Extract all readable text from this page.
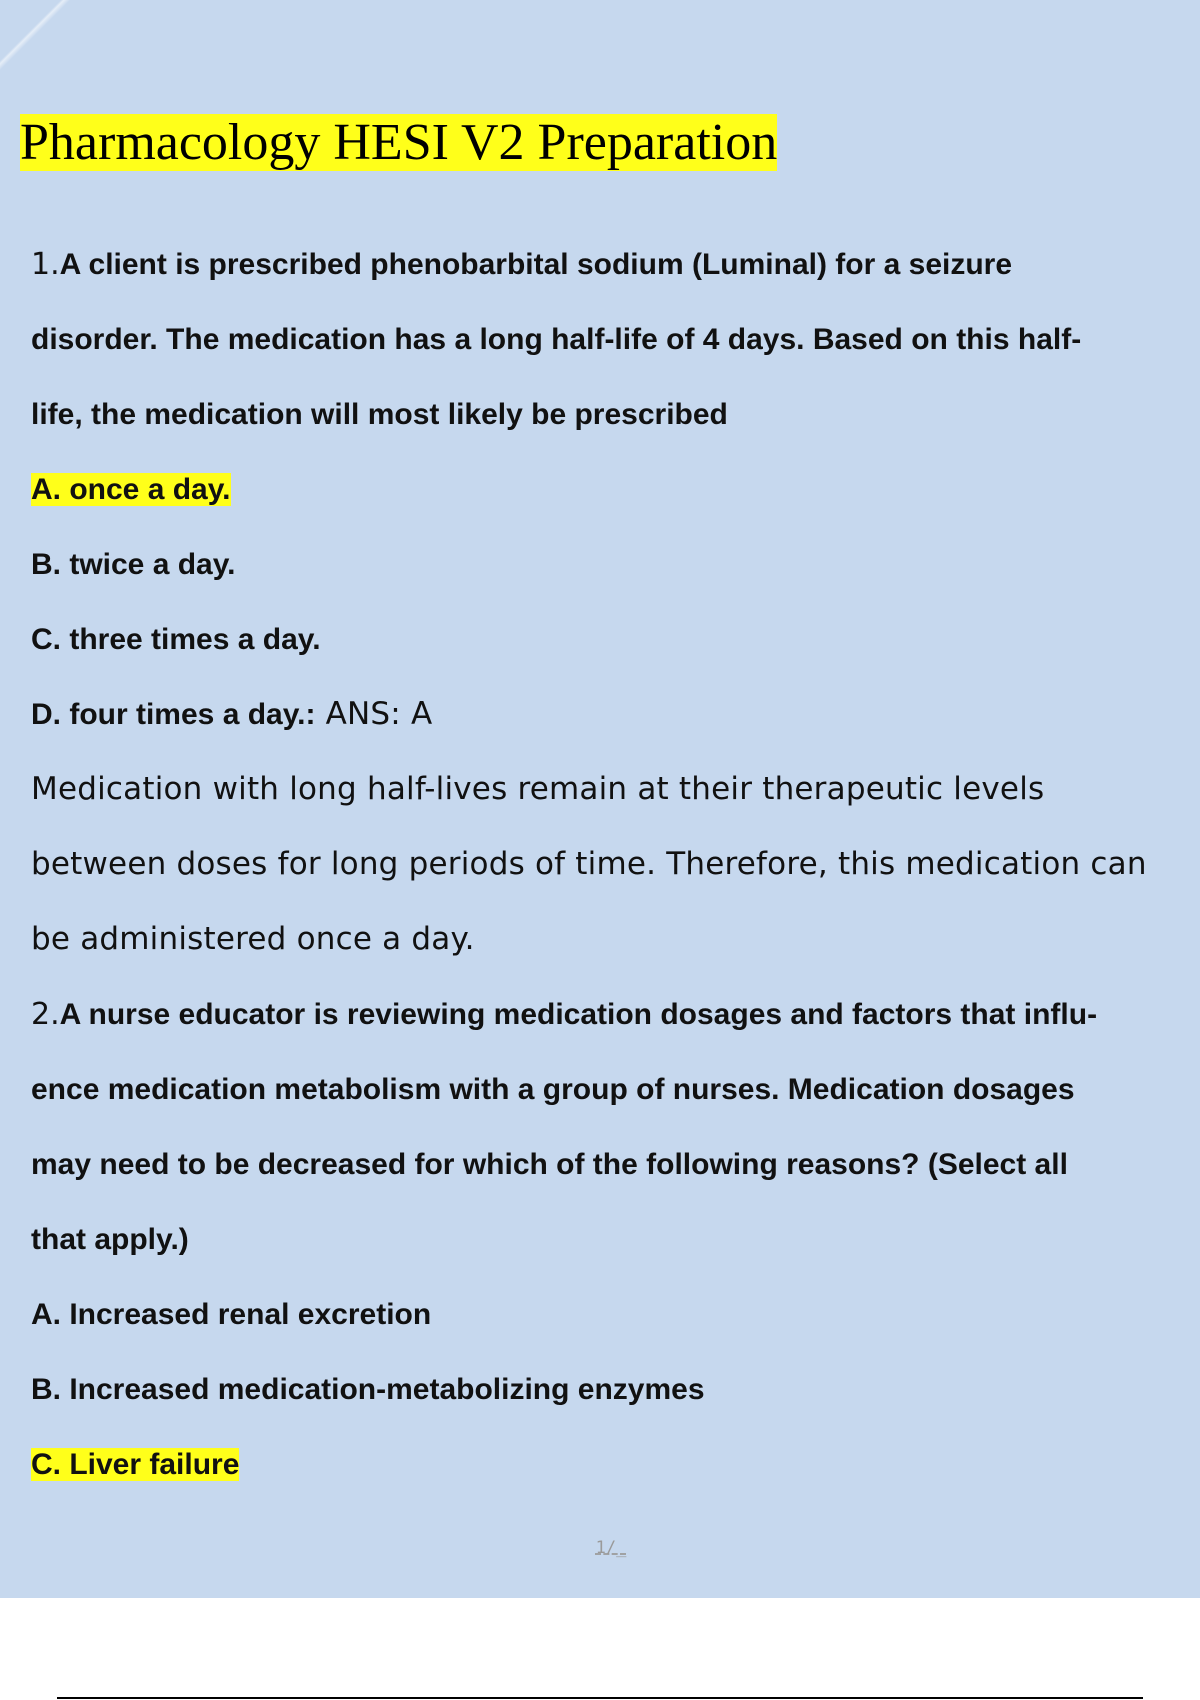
Pharmacology HESI V2 Preparation
1.A client is prescribed phenobarbital sodium (Luminal) for a seizure
disorder. The medication has a long half-life of 4 days. Based on this half-
life, the medication will most likely be prescribed
A. once a day.
B. twice a day.
C. three times a day.
D. four times a day.: ANS: A
Medication with long half-lives remain at their therapeutic levels
between doses for long periods of time. Therefore, this medication can
be administered once a day.
2.A nurse educator is reviewing medication dosages and factors that influ-
ence medication metabolism with a group of nurses. Medication dosages
may need to be decreased for which of the following reasons? (Select all
that apply.)
A. Increased renal excretion
B. Increased medication-metabolizing enzymes
C. Liver failure
1/_
